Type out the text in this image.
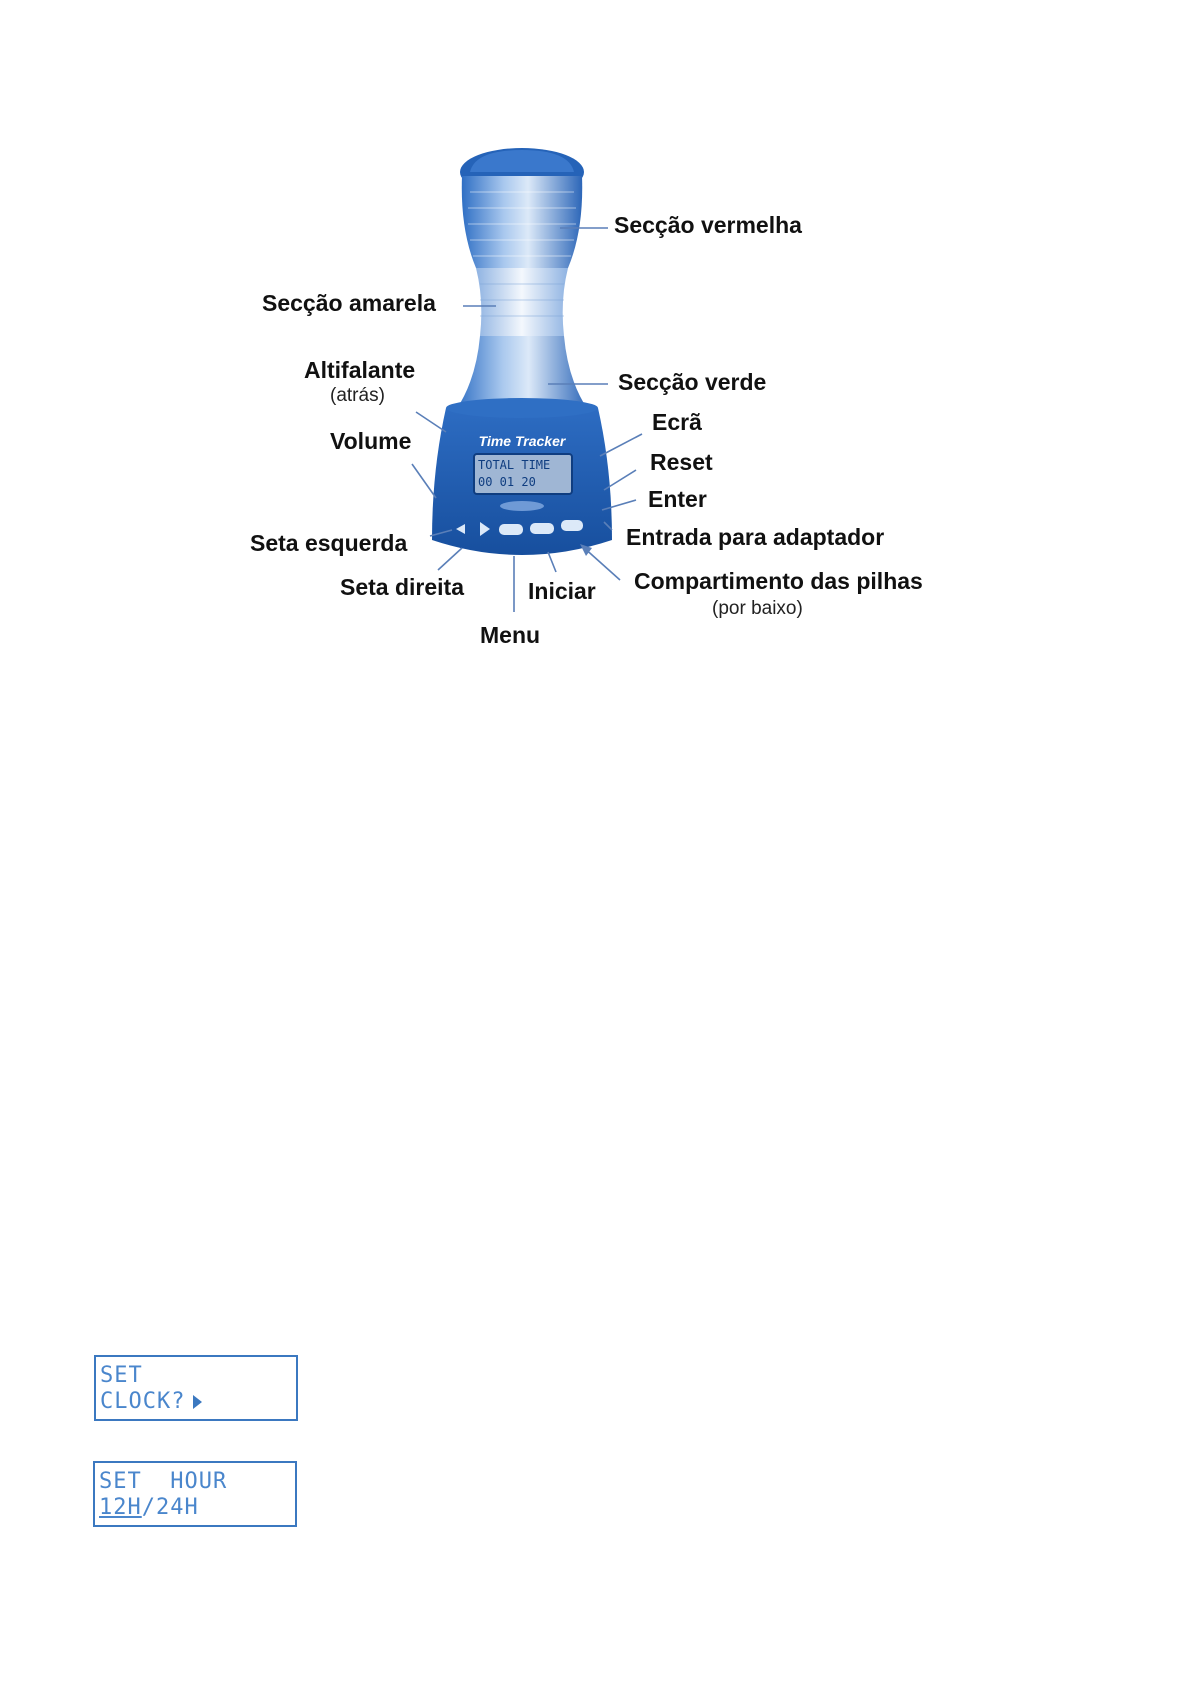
Time Tracker
TOTAL TIME
00 01 20
Secção vermelha
Secção amarela
Altifalante
(atrás)
Secção verde
Ecrã
Volume
Reset
Enter
Seta esquerda	Entrada para adaptador
Seta direita	Iniciar Compartimento das pilhas
(por baixo)
Menu
SET
CLOCK?
SET  HOUR
12H/24H
